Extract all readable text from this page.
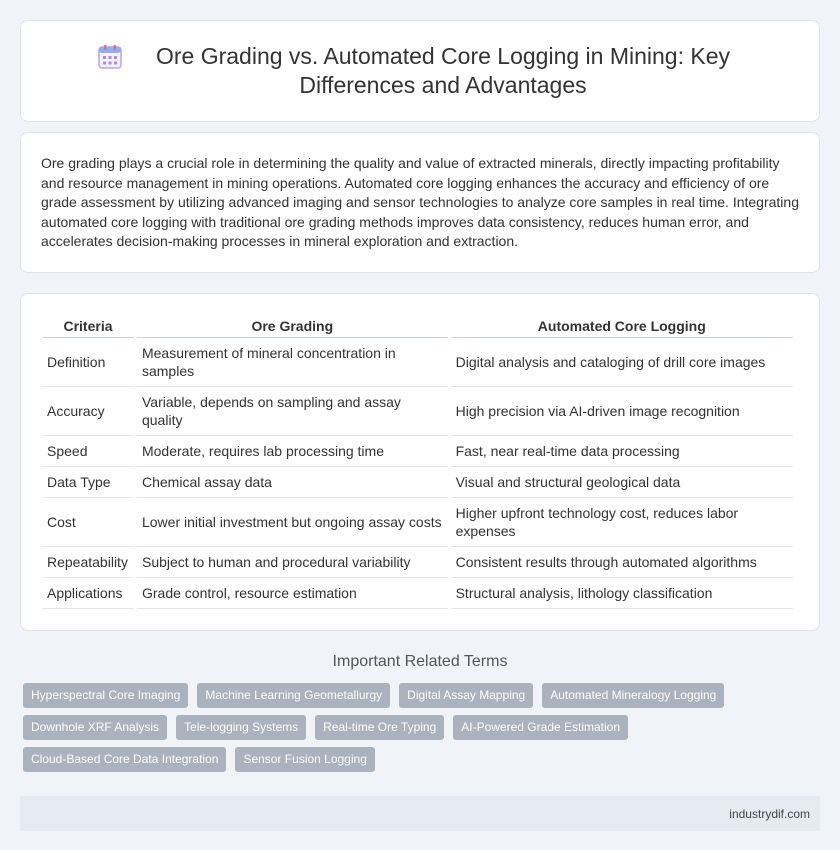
Ore Grading vs. Automated Core Logging in Mining: Key Differences and Advantages

Ore grading plays a crucial role in determining the quality and value of extracted minerals, directly impacting profitability and resource management in mining operations. Automated core logging enhances the accuracy and efficiency of ore grade assessment by utilizing advanced imaging and sensor technologies to analyze core samples in real time. Integrating automated core logging with traditional ore grading methods improves data consistency, reduces human error, and accelerates decision-making processes in mineral exploration and extraction.

Criteria	Ore Grading	Automated Core Logging
Definition	Measurement of mineral concentration in samples	Digital analysis and cataloging of drill core images
Accuracy	Variable, depends on sampling and assay quality	High precision via AI-driven image recognition
Speed	Moderate, requires lab processing time	Fast, near real-time data processing
Data Type	Chemical assay data	Visual and structural geological data
Cost	Lower initial investment but ongoing assay costs	Higher upfront technology cost, reduces labor expenses
Repeatability	Subject to human and procedural variability	Consistent results through automated algorithms
Applications	Grade control, resource estimation	Structural analysis, lithology classification
Important Related Terms
Hyperspectral Core Imaging	Machine Learning Geometallurgy	Digital Assay Mapping	Automated Mineralogy Logging
Downhole XRF Analysis	Tele-logging Systems	Real-time Ore Typing	AI-Powered Grade Estimation
Cloud-Based Core Data Integration	Sensor Fusion Logging
industrydif.com
